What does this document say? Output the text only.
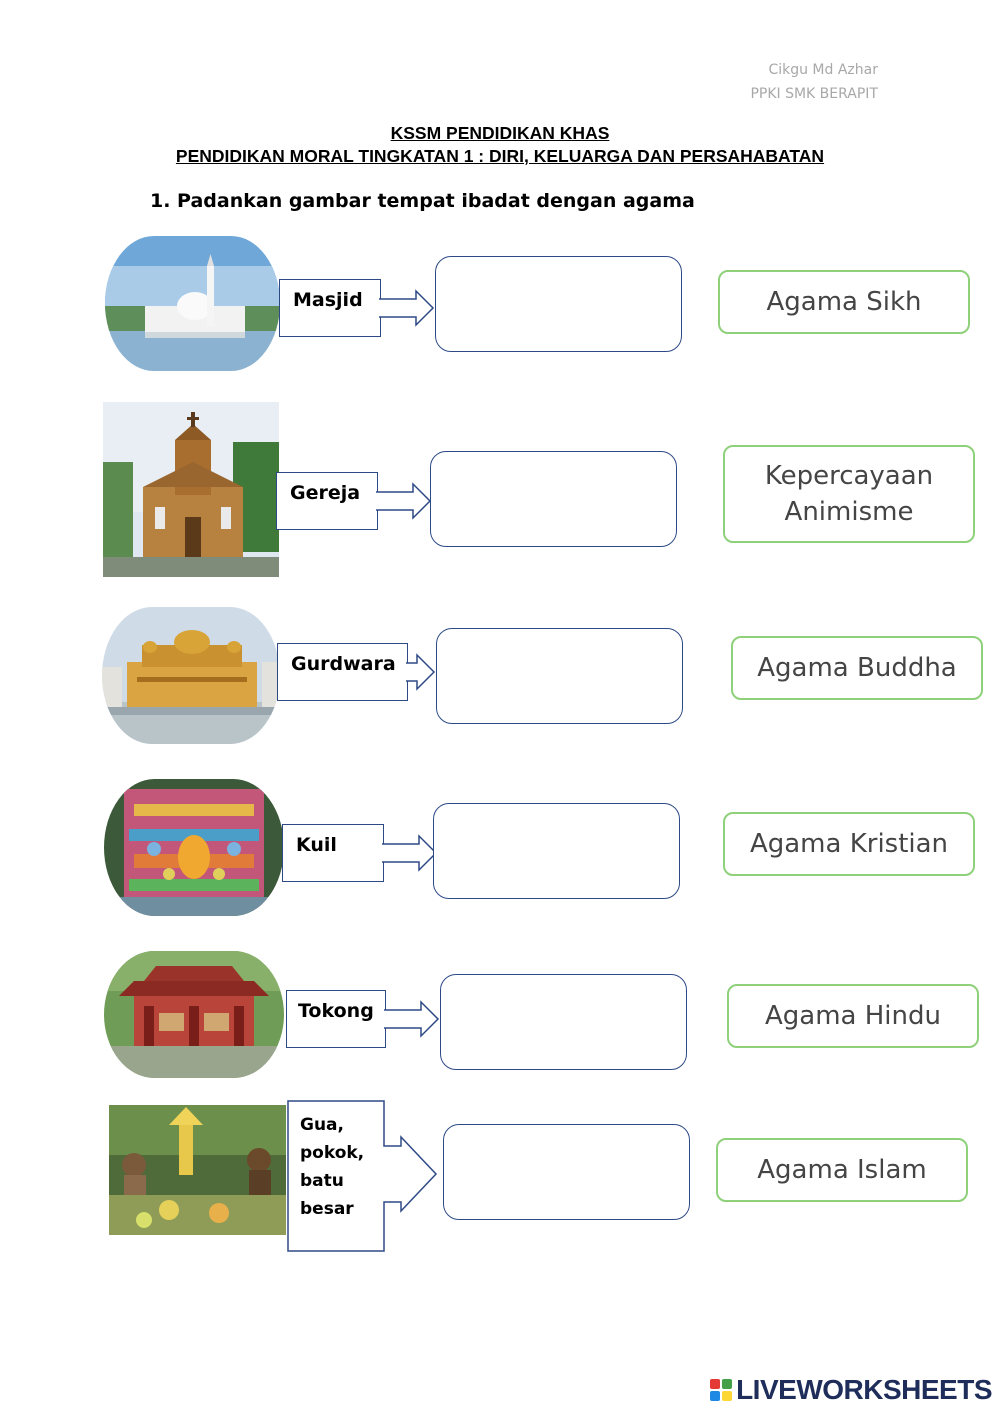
Cikgu Md Azhar
PPKI SMK BERAPIT
KSSM PENDIDIKAN KHAS
PENDIDIKAN MORAL TINGKATAN 1 : DIRI, KELUARGA DAN PERSAHABATAN
1. Padankan gambar tempat ibadat dengan agama
Masjid	Agama Sikh
Gereja
Kepercayaan Animisme
Gurdwara	Agama Buddha
Kuil	Agama Kristian
Tokong	Agama Hindu
Gua, pokok, batu besar
Agama Islam
LIVEWORKSHEETS
